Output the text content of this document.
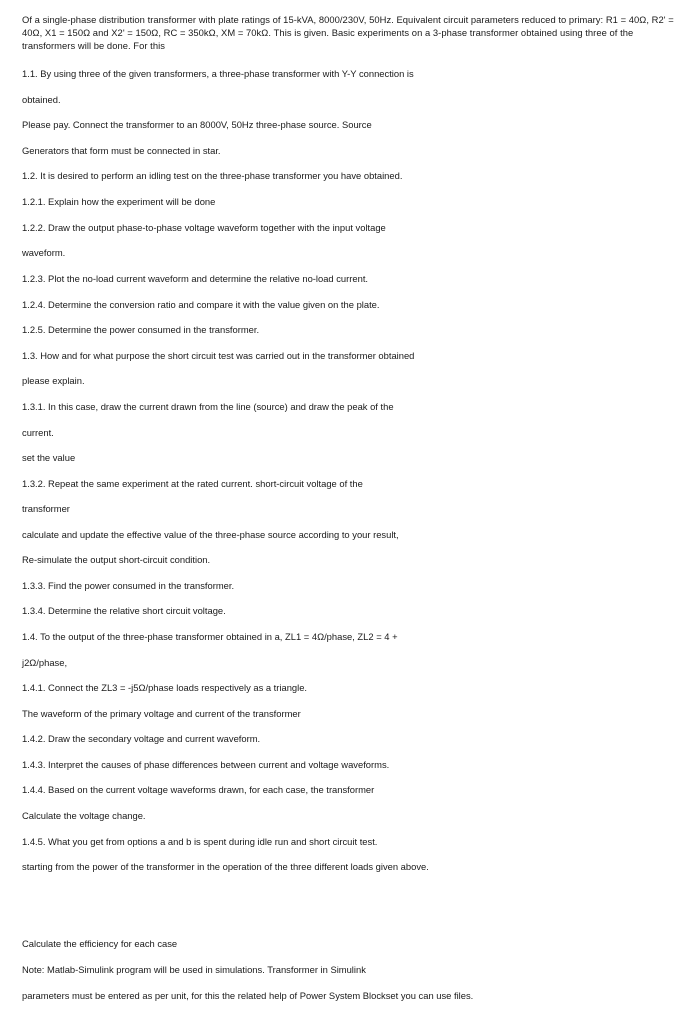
Of a single-phase distribution transformer with plate ratings of 15-kVA, 8000/230V, 50Hz. Equivalent circuit parameters reduced to primary: R1 = 40Ω, R2' = 40Ω, X1 = 150Ω and X2' = 150Ω, RC = 350kΩ, XM = 70kΩ. This is given. Basic experiments on a 3-phase transformer obtained using three of the transformers will be done. For this
1.1. By using three of the given transformers, a three-phase transformer with Y-Y connection is
obtained.
Please pay. Connect the transformer to an 8000V, 50Hz three-phase source. Source
Generators that form must be connected in star.
1.2. It is desired to perform an idling test on the three-phase transformer you have obtained.
1.2.1. Explain how the experiment will be done
1.2.2. Draw the output phase-to-phase voltage waveform together with the input voltage
waveform.
1.2.3. Plot the no-load current waveform and determine the relative no-load current.
1.2.4. Determine the conversion ratio and compare it with the value given on the plate.
1.2.5. Determine the power consumed in the transformer.
1.3. How and for what purpose the short circuit test was carried out in the transformer obtained
please explain.
1.3.1. In this case, draw the current drawn from the line (source) and draw the peak of the
current.
set the value
1.3.2. Repeat the same experiment at the rated current. short-circuit voltage of the
transformer
calculate and update the effective value of the three-phase source according to your result,
Re-simulate the output short-circuit condition.
1.3.3. Find the power consumed in the transformer.
1.3.4. Determine the relative short circuit voltage.
1.4. To the output of the three-phase transformer obtained in a, ZL1 = 4Ω/phase, ZL2 = 4 +
j2Ω/phase,
1.4.1. Connect the ZL3 = -j5Ω/phase loads respectively as a triangle.
The waveform of the primary voltage and current of the transformer
1.4.2. Draw the secondary voltage and current waveform.
1.4.3. Interpret the causes of phase differences between current and voltage waveforms.
1.4.4. Based on the current voltage waveforms drawn, for each case, the transformer
Calculate the voltage change.
1.4.5. What you get from options a and b is spent during idle run and short circuit test.
starting from the power of the transformer in the operation of the three different loads given above.
Calculate the efficiency for each case
Note: Matlab-Simulink program will be used in simulations. Transformer in Simulink
parameters must be entered as per unit, for this the related help of Power System Blockset you can use files.
